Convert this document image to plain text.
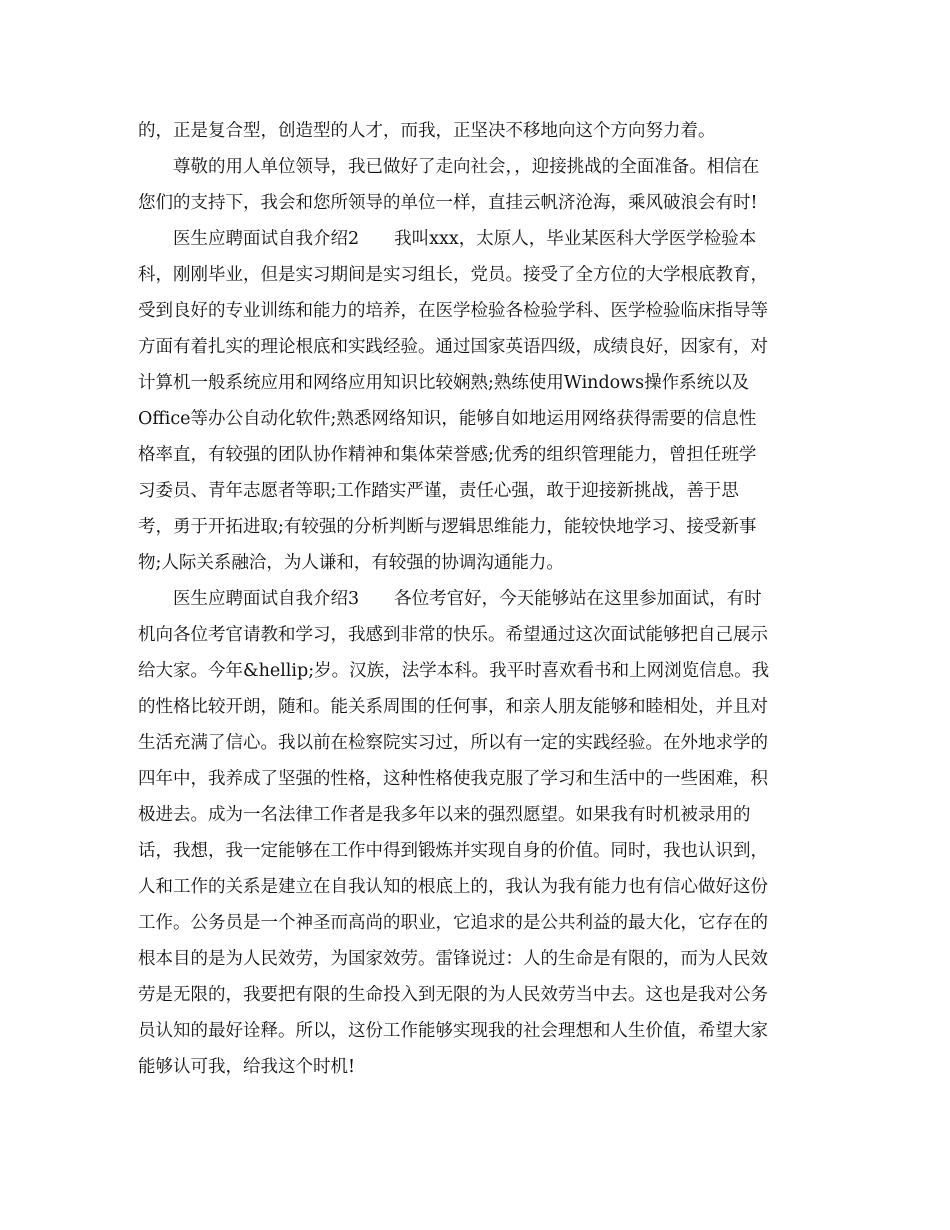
的，正是复合型，创造型的人才，而我，正坚决不移地向这个方向努力着。
尊敬的用人单位领导，我已做好了走向社会，，迎接挑战的全面准备。相信在
您们的支持下，我会和您所领导的单位一样，直挂云帆济沧海，乘风破浪会有时!
医生应聘面试自我介绍2　　我叫xxx，太原人，毕业某医科大学医学检验本
科，刚刚毕业，但是实习期间是实习组长，党员。接受了全方位的大学根底教育，
受到良好的专业训练和能力的培养，在医学检验各检验学科、医学检验临床指导等
方面有着扎实的理论根底和实践经验。通过国家英语四级，成绩良好，因家有，对
计算机一般系统应用和网络应用知识比较娴熟;熟练使用Windows操作系统以及
Office等办公自动化软件;熟悉网络知识，能够自如地运用网络获得需要的信息性
格率直，有较强的团队协作精神和集体荣誉感;优秀的组织管理能力，曾担任班学
习委员、青年志愿者等职;工作踏实严谨，责任心强，敢于迎接新挑战，善于思
考，勇于开拓进取;有较强的分析判断与逻辑思维能力，能较快地学习、接受新事
物;人际关系融洽，为人谦和，有较强的协调沟通能力。
医生应聘面试自我介绍3　　各位考官好，今天能够站在这里参加面试，有时
机向各位考官请教和学习，我感到非常的快乐。希望通过这次面试能够把自己展示
给大家。今年&hellip;岁。汉族，法学本科。我平时喜欢看书和上网浏览信息。我
的性格比较开朗，随和。能关系周围的任何事，和亲人朋友能够和睦相处，并且对
生活充满了信心。我以前在检察院实习过，所以有一定的实践经验。在外地求学的
四年中，我养成了坚强的性格，这种性格使我克服了学习和生活中的一些困难，积
极进去。成为一名法律工作者是我多年以来的强烈愿望。如果我有时机被录用的
话，我想，我一定能够在工作中得到锻炼并实现自身的价值。同时，我也认识到，
人和工作的关系是建立在自我认知的根底上的，我认为我有能力也有信心做好这份
工作。公务员是一个神圣而高尚的职业，它追求的是公共利益的最大化，它存在的
根本目的是为人民效劳，为国家效劳。雷锋说过：人的生命是有限的，而为人民效
劳是无限的，我要把有限的生命投入到无限的为人民效劳当中去。这也是我对公务
员认知的最好诠释。所以，这份工作能够实现我的社会理想和人生价值，希望大家
能够认可我，给我这个时机!
